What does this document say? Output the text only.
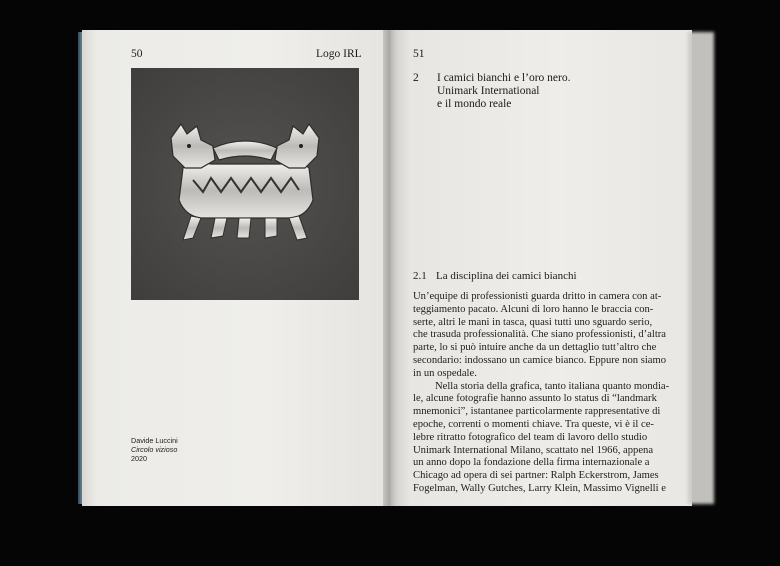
50	Logo IRL
Davide Luccini
Circolo vizioso
2020
51
2 I camici bianchi e l’oro nero.
Unimark International
e il mondo reale
2.1 La disciplina dei camici bianchi
Un’equipe di professionisti guarda dritto in camera con at-
teggiamento pacato. Alcuni di loro hanno le braccia con-
serte, altri le mani in tasca, quasi tutti uno sguardo serio,
che trasuda professionalità. Che siano professionisti, d’altra
parte, lo si può intuire anche da un dettaglio tutt’altro che
secondario: indossano un camice bianco. Eppure non siamo
in un ospedale.
Nella storia della grafica, tanto italiana quanto mondia-
le, alcune fotografie hanno assunto lo status di “landmark
mnemonici”, istantanee particolarmente rappresentative di
epoche, correnti o momenti chiave. Tra queste, vi è il ce-
lebre ritratto fotografico del team di lavoro dello studio
Unimark International Milano, scattato nel 1966, appena
un anno dopo la fondazione della firma internazionale a
Chicago ad opera di sei partner: Ralph Eckerstrom, James
Fogelman, Wally Gutches, Larry Klein, Massimo Vignelli e
